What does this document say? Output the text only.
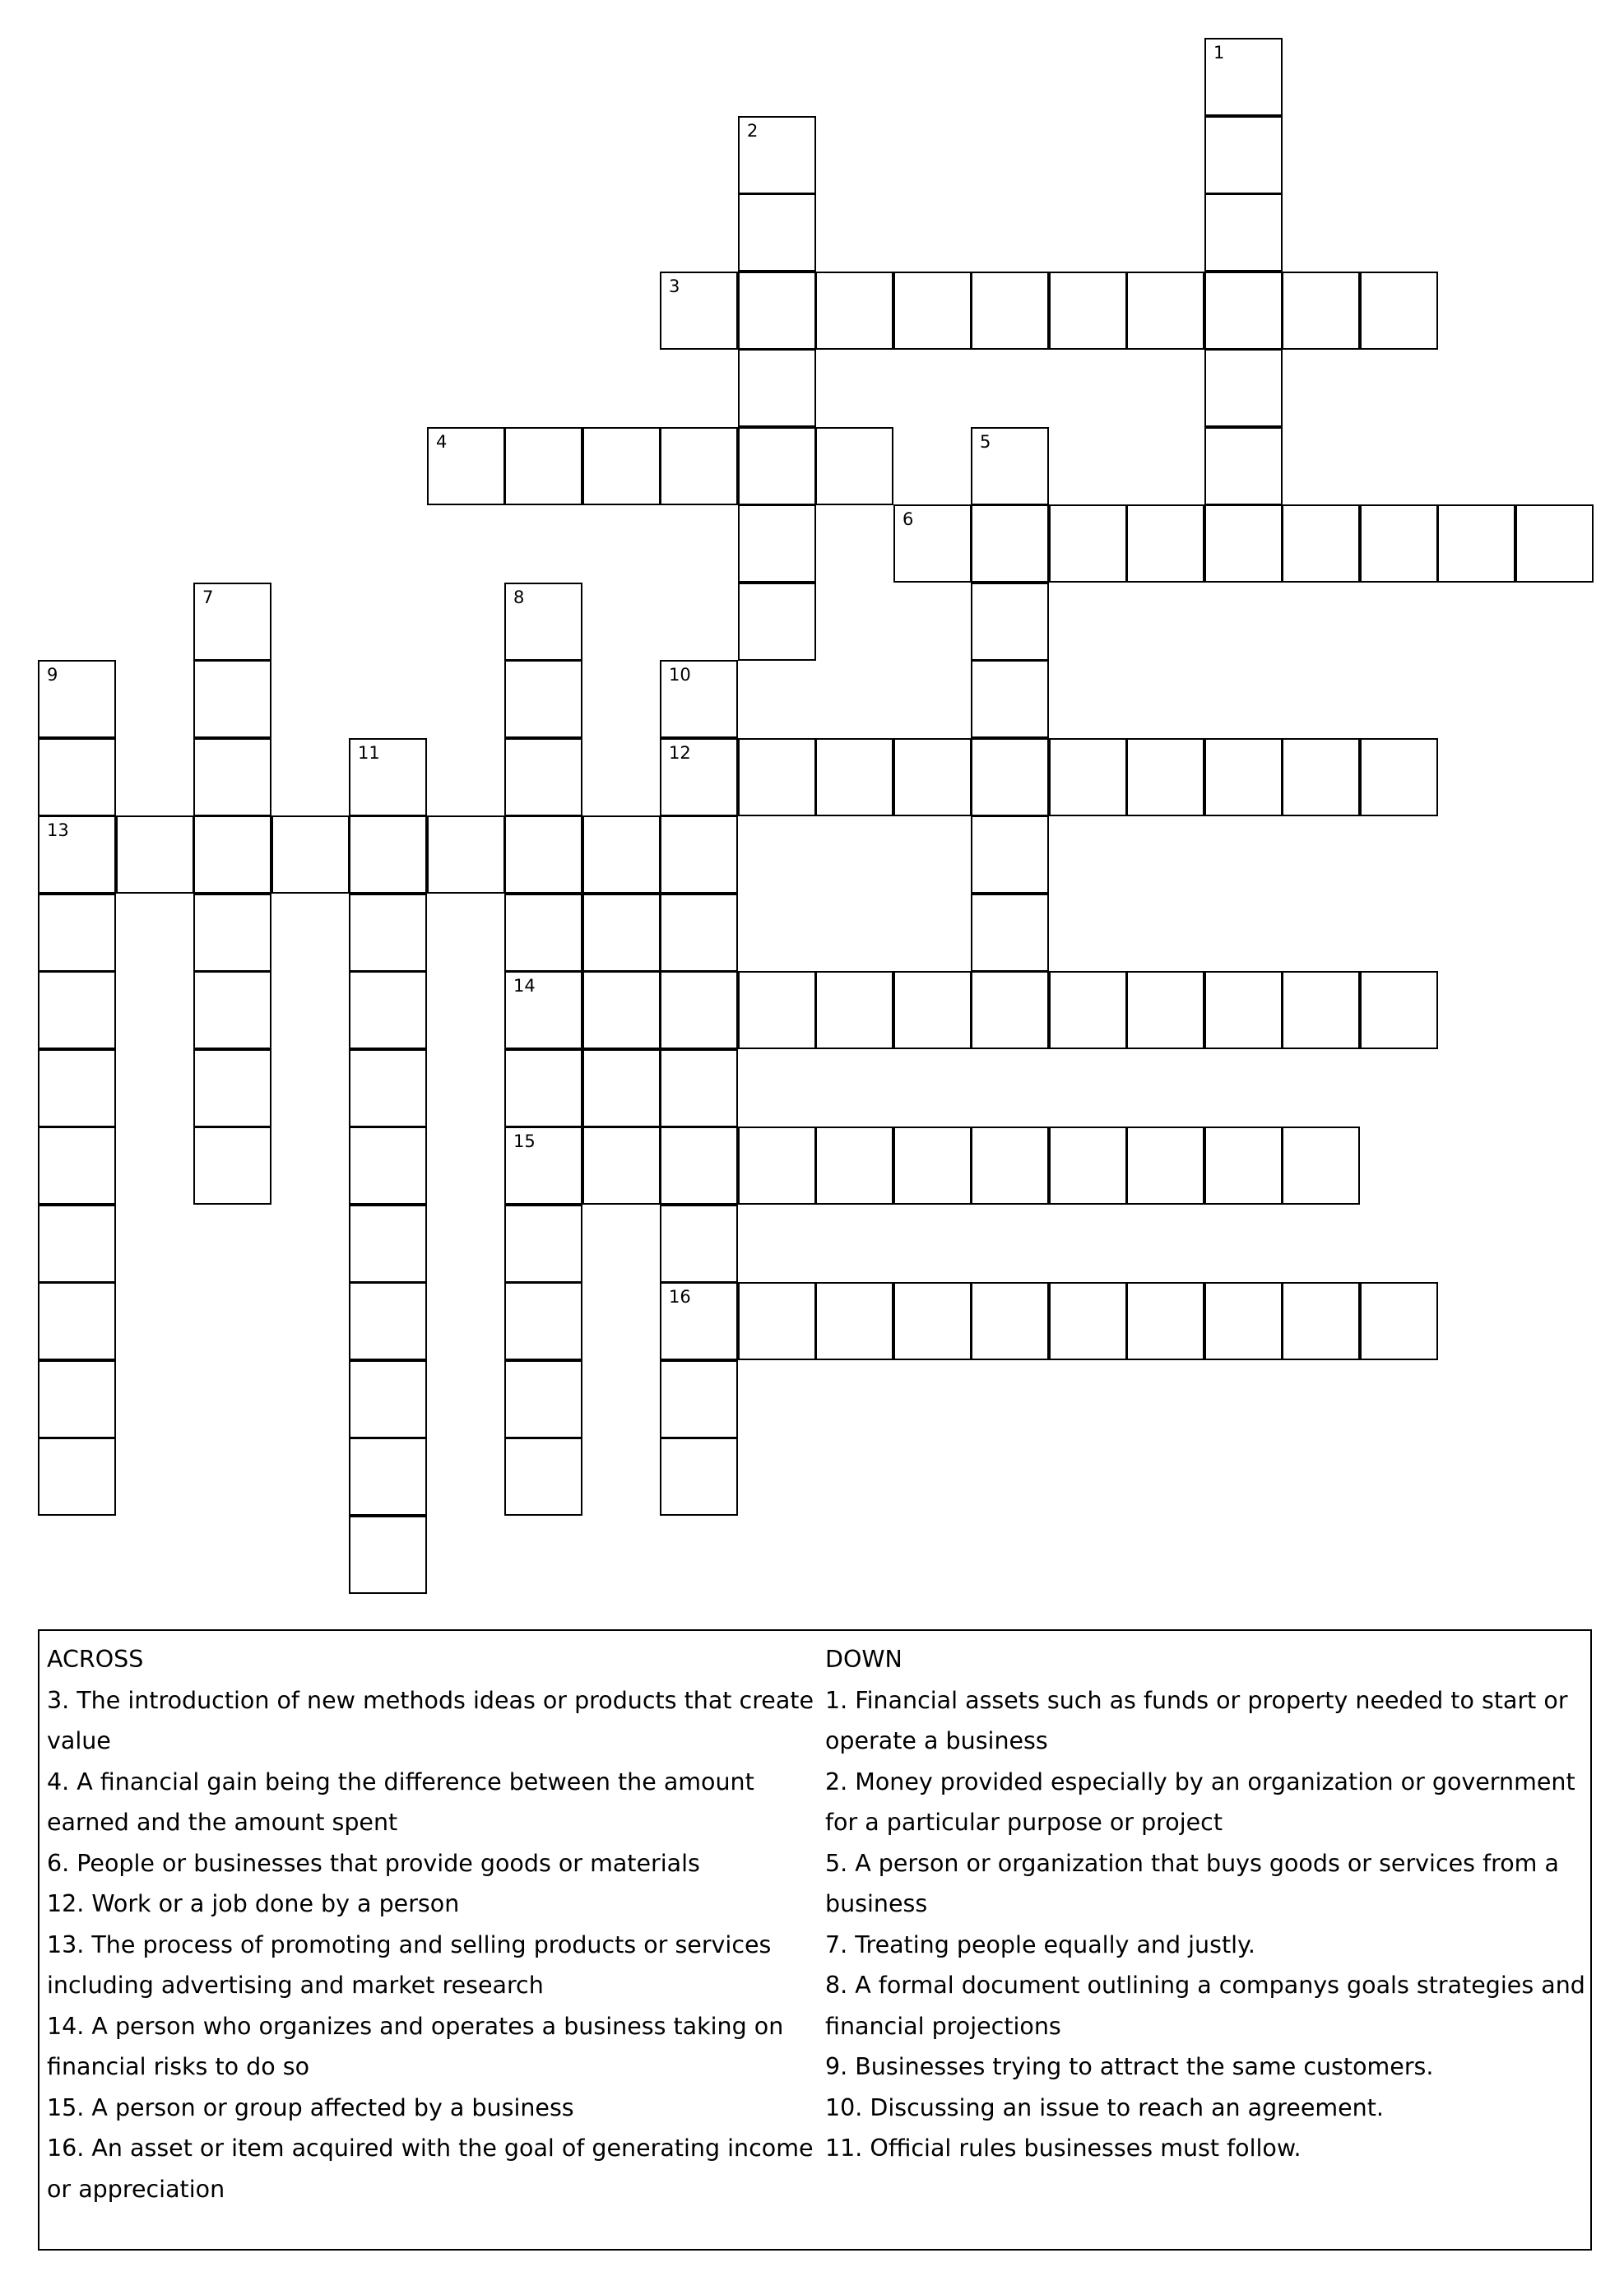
1
2
3
4	5
6
7	8
9	10
12
16
11
13
14
15
ACROSS
3. The introduction of new methods ideas or products that create value
4. A financial gain being the difference between the amount earned and the amount spent
6. People or businesses that provide goods or materials
12. Work or a job done by a person
13. The process of promoting and selling products or services including advertising and market research
14. A person who organizes and operates a business taking on financial risks to do so
15. A person or group affected by a business
16. An asset or item acquired with the goal of generating income or appreciation
DOWN
1. Financial assets such as funds or property needed to start or operate a business
2. Money provided especially by an organization or government for a particular purpose or project
5. A person or organization that buys goods or services from a business
7. Treating people equally and justly.
8. A formal document outlining a companys goals strategies and financial projections
9. Businesses trying to attract the same customers.
10. Discussing an issue to reach an agreement.
11. Official rules businesses must follow.
